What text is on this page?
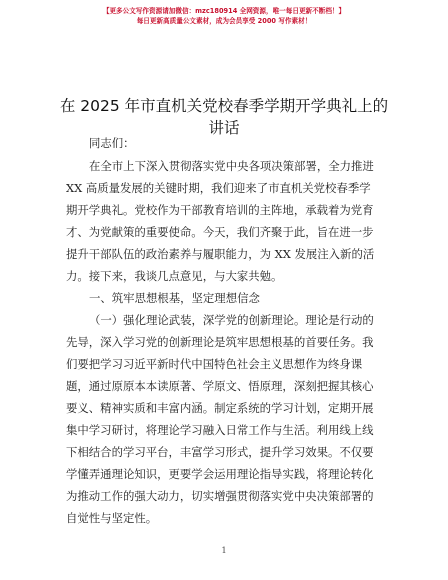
【更多公文写作资源请加微信：mzc180914 全网资源，唯一每日更新不断档！】
每日更新高质量公文素材，成为会员享受 2000 写作素材！
在 2025 年市直机关党校春季学期开学典礼上的
讲话
同志们：
在全市上下深入贯彻落实党中央各项决策部署，全力推进
XX 高质量发展的关键时期，我们迎来了市直机关党校春季学
期开学典礼。党校作为干部教育培训的主阵地，承载着为党育
才、为党献策的重要使命。今天，我们齐聚于此，旨在进一步
提升干部队伍的政治素养与履职能力，为 XX 发展注入新的活
力。接下来，我谈几点意见，与大家共勉。
一、筑牢思想根基，坚定理想信念
（一）强化理论武装，深学党的创新理论。理论是行动的
先导，深入学习党的创新理论是筑牢思想根基的首要任务。我
们要把学习习近平新时代中国特色社会主义思想作为终身课
题，通过原原本本读原著、学原文、悟原理，深刻把握其核心
要义、精神实质和丰富内涵。制定系统的学习计划，定期开展
集中学习研讨，将理论学习融入日常工作与生活。利用线上线
下相结合的学习平台，丰富学习形式，提升学习效果。不仅要
学懂弄通理论知识，更要学会运用理论指导实践，将理论转化
为推动工作的强大动力，切实增强贯彻落实党中央决策部署的
自觉性与坚定性。
1
